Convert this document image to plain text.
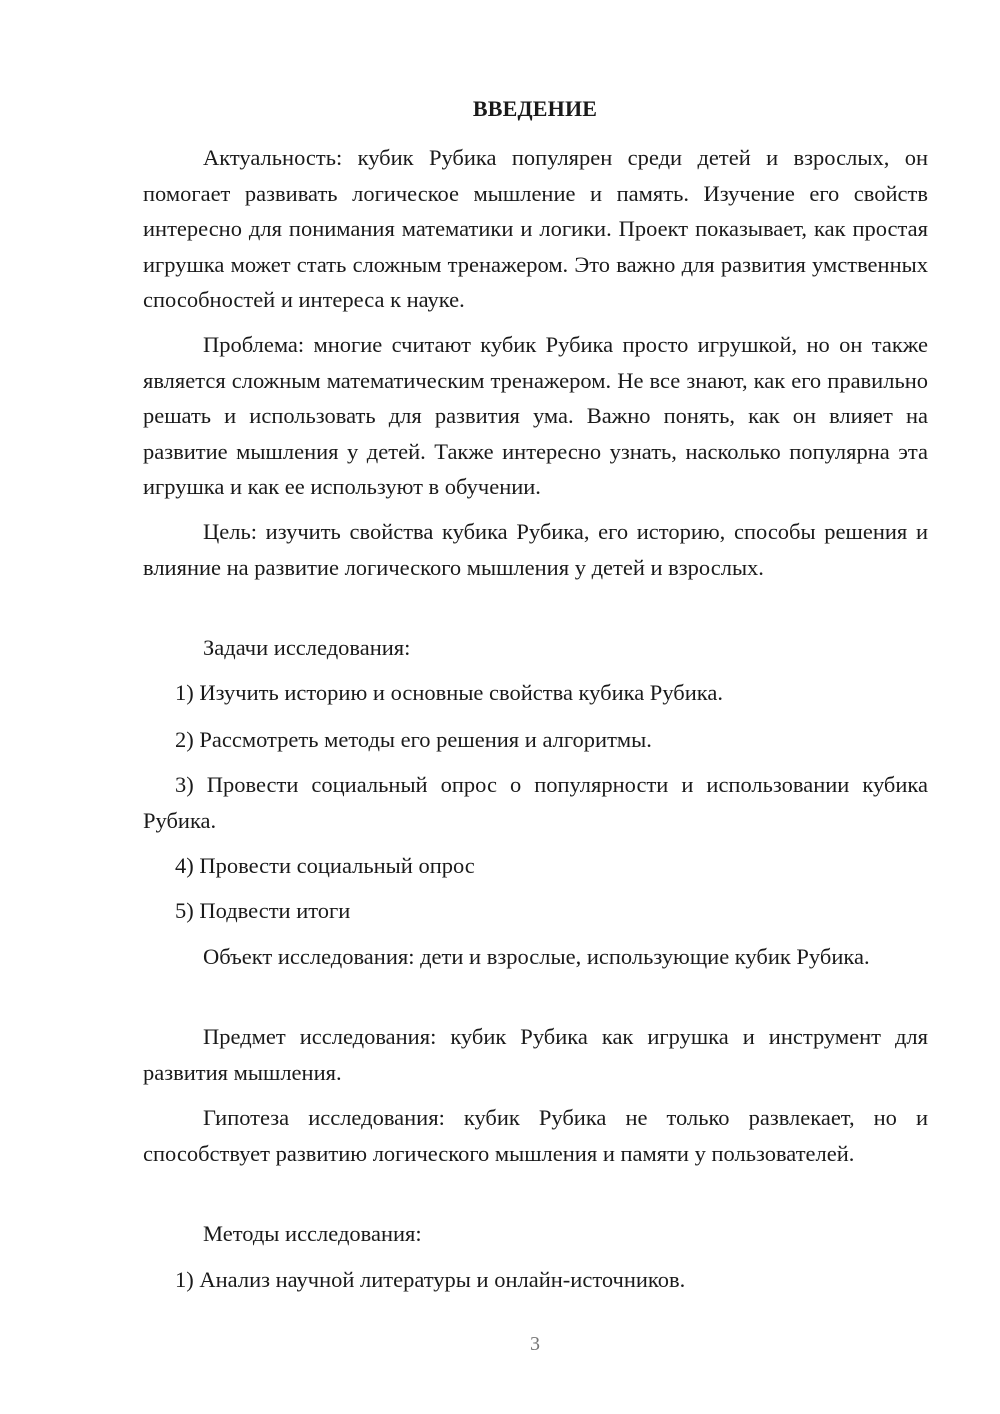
ВВЕДЕНИЕ

Актуальность: кубик Рубика популярен среди детей и взрослых, он помогает развивать логическое мышление и память. Изучение его свойств интересно для понимания математики и логики. Проект показывает, как простая игрушка может стать сложным тренажером. Это важно для развития умственных способностей и интереса к науке.

Проблема: многие считают кубик Рубика просто игрушкой, но он также является сложным математическим тренажером. Не все знают, как его правильно решать и использовать для развития ума. Важно понять, как он влияет на развитие мышления у детей. Также интересно узнать, насколько популярна эта игрушка и как ее используют в обучении.

Цель: изучить свойства кубика Рубика, его историю, способы решения и влияние на развитие логического мышления у детей и взрослых.

Задачи исследования:

1) Изучить историю и основные свойства кубика Рубика.

2) Рассмотреть методы его решения и алгоритмы.

3) Провести социальный опрос о популярности и использовании кубика Рубика.

4) Провести социальный опрос

5) Подвести итоги

Объект исследования: дети и взрослые, использующие кубик Рубика.

Предмет исследования: кубик Рубика как игрушка и инструмент для развития мышления.

Гипотеза исследования: кубик Рубика не только развлекает, но и способствует развитию логического мышления и памяти у пользователей.

Методы исследования:

1) Анализ научной литературы и онлайн-источников.

3
